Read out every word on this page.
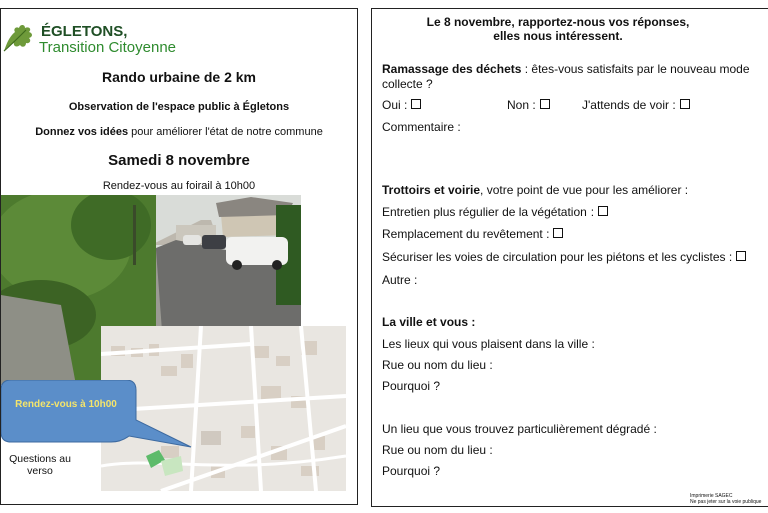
ÉGLETONS,
Transition Citoyenne
Rando urbaine de 2 km
Observation de l'espace public à Égletons
Donnez vos idées pour améliorer l'état de notre commune
Samedi 8 novembre
Rendez-vous au foirail à 10h00
Rendez-vous à 10h00
Questions au verso
Le 8 novembre, rapportez-nous vos réponses,
elles nous intéressent.
Ramassage des déchets : êtes-vous satisfaits par le nouveau mode
collecte ?
Oui :	Non :	J'attends de voir :
Commentaire :
Trottoirs et voirie, votre point de vue pour les améliorer :
Entretien plus régulier de la végétation :
Remplacement du revêtement :
Sécuriser les voies de circulation pour les piétons et les cyclistes :
Autre :
La ville et vous :
Les lieux qui vous plaisent dans la ville :
Rue ou nom du lieu :
Pourquoi ?
Un lieu que vous trouvez particulièrement dégradé :
Rue ou nom du lieu :
Pourquoi ?
Imprimerie SAGEC
Ne pas jeter sur la voie publique
